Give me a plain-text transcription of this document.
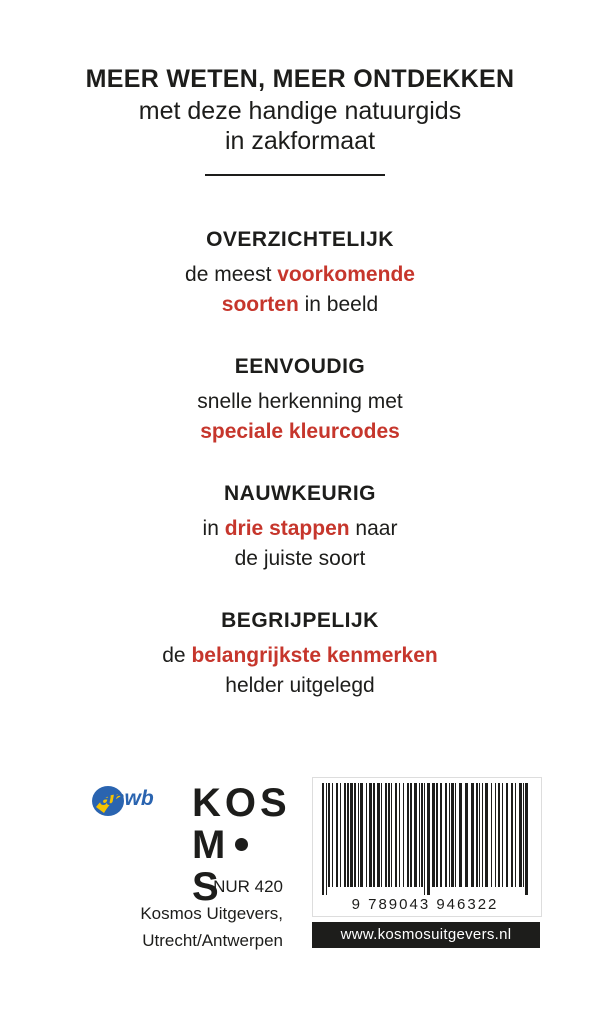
MEER WETEN, MEER ONTDEKKEN
met deze handige natuurgids
in zakformaat
OVERZICHTELIJK
de meest voorkomende
soorten in beeld
EENVOUDIG
snelle herkenning met
speciale kleurcodes
NAUWKEURIG
in drie stappen naar
de juiste soort
BEGRIJPELIJK
de belangrijkste kenmerken
helder uitgelegd
anwb KOS
MS
NUR 420
Kosmos Uitgevers,
Utrecht/Antwerpen
9 789043 946322
www.kosmosuitgevers.nl
